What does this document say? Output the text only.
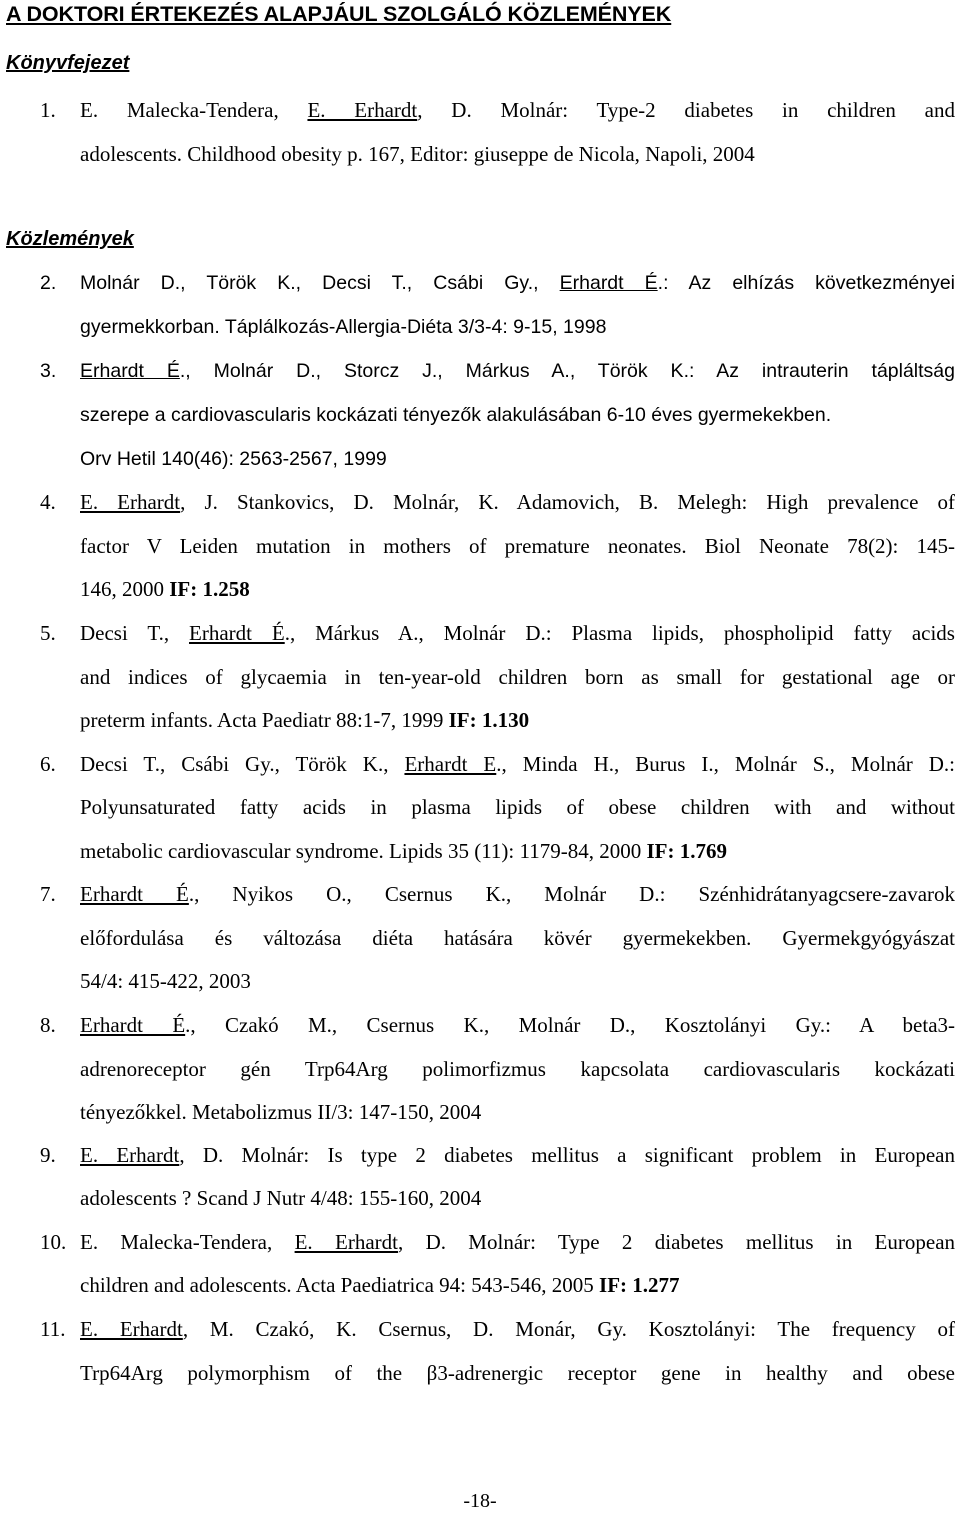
A DOKTORI ÉRTEKEZÉS ALAPJÁUL SZOLGÁLÓ KÖZLEMÉNYEK
Könyvfejezet
Közlemények
1. E. Malecka-Tendera, E. Erhardt, D. Molnár: Type-2 diabetes in children and
adolescents. Childhood obesity p. 167, Editor: giuseppe de Nicola, Napoli, 2004
2. Molnár D., Török K., Decsi T., Csábi Gy., Erhardt É.: Az elhízás következményei
gyermekkorban. Táplálkozás-Allergia-Diéta 3/3-4: 9-15, 1998
3. Erhardt É., Molnár D., Storcz J., Márkus A., Török K.: Az intrauterin tápláltság
szerepe a cardiovascularis kockázati tényezők alakulásában 6-10 éves gyermekekben.
Orv Hetil 140(46): 2563-2567, 1999
4. E. Erhardt, J. Stankovics, D. Molnár, K. Adamovich, B. Melegh: High prevalence of
factor V Leiden mutation in mothers of premature neonates. Biol Neonate 78(2): 145-
146, 2000 IF: 1.258
5. Decsi T., Erhardt É., Márkus A., Molnár D.: Plasma lipids, phospholipid fatty acids
and indices of glycaemia in ten-year-old children born as small for gestational age or
preterm infants. Acta Paediatr 88:1-7, 1999 IF: 1.130
6. Decsi T., Csábi Gy., Török K., Erhardt E., Minda H., Burus I., Molnár S., Molnár D.:
Polyunsaturated fatty acids in plasma lipids of obese children with and without
metabolic cardiovascular syndrome. Lipids 35 (11): 1179-84, 2000 IF: 1.769
7. Erhardt É., Nyikos O., Csernus K., Molnár D.: Szénhidrátanyagcsere-zavarok
előfordulása és változása diéta hatására kövér gyermekekben. Gyermekgyógyászat
54/4: 415-422, 2003
8. Erhardt É., Czakó M., Csernus K., Molnár D., Kosztolányi Gy.: A beta3-
adrenoreceptor gén Trp64Arg polimorfizmus kapcsolata cardiovascularis kockázati
tényezőkkel. Metabolizmus II/3: 147-150, 2004
9. E. Erhardt, D. Molnár: Is type 2 diabetes mellitus a significant problem in European
adolescents ? Scand J Nutr 4/48: 155-160, 2004
10. E. Malecka-Tendera, E. Erhardt, D. Molnár: Type 2 diabetes mellitus in European
children and adolescents. Acta Paediatrica 94: 543-546, 2005 IF: 1.277
11. E. Erhardt, M. Czakó, K. Csernus, D. Monár, Gy. Kosztolányi: The frequency of
Trp64Arg polymorphism of the β3-adrenergic receptor gene in healthy and obese
-18-
